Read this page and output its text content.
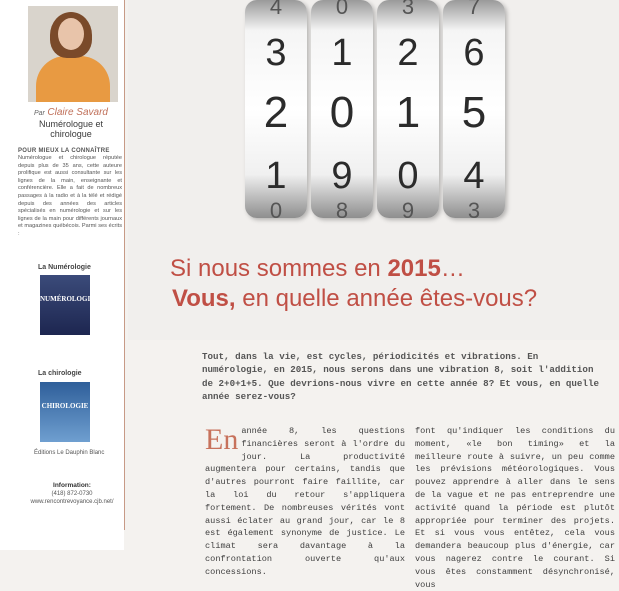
Par Claire Savard
Numérologue et chirologue
POUR MIEUX LA CONNAÎTRE
Numérologue et chirologue réputée depuis plus de 35 ans, cette auteure prolifique est aussi consultante sur les lignes de la main, enseignante et conférencière. Elle a fait de nombreux passages à la radio et à la télé et rédigé depuis des années des articles spécialisés en numérologie et sur les lignes de la main pour différents journaux et magazines québécois. Parmi ses écrits :
La Numérologie
NUMÉROLOGIE
La chirologie
CHIROLOGIE
Éditions Le Dauphin Blanc
Information:
(418) 872-0730
www.rencontrevoyance.cjb.net/
4
3
2
1
0
0
1
0
9
8
3
2
1
0
9
7
6
5
4
3
Si nous sommes en 2015…
Vous, en quelle année êtes-vous?
Tout, dans la vie, est cycles, périodicités et vibrations. En numérologie, en 2015, nous serons dans une vibration 8, soit l'addition de 2+0+1+5. Que devrions-nous vivre en cette année 8? Et vous, en quelle année serez-vous?
En année 8, les questions financières seront à l'ordre du jour. La productivité augmentera pour certains, tandis que d'autres pourront faire faillite, car la loi du retour s'appliquera fortement. De nombreuses vérités vont aussi éclater au grand jour, car le 8 est également synonyme de justice. Le climat sera davantage à la confrontation ouverte qu'aux concessions.
font qu'indiquer les conditions du moment, «le bon timing» et la meilleure route à suivre, un peu comme les prévisions météorologiques. Vous pouvez apprendre à aller dans le sens de la vague et ne pas entreprendre une activité quand la période est plutôt appropriée pour terminer des projets. Et si vous vous entêtez, cela vous demandera beaucoup plus d'énergie, car vous nagerez contre le courant. Si vous êtes constamment désynchronisé, vous
